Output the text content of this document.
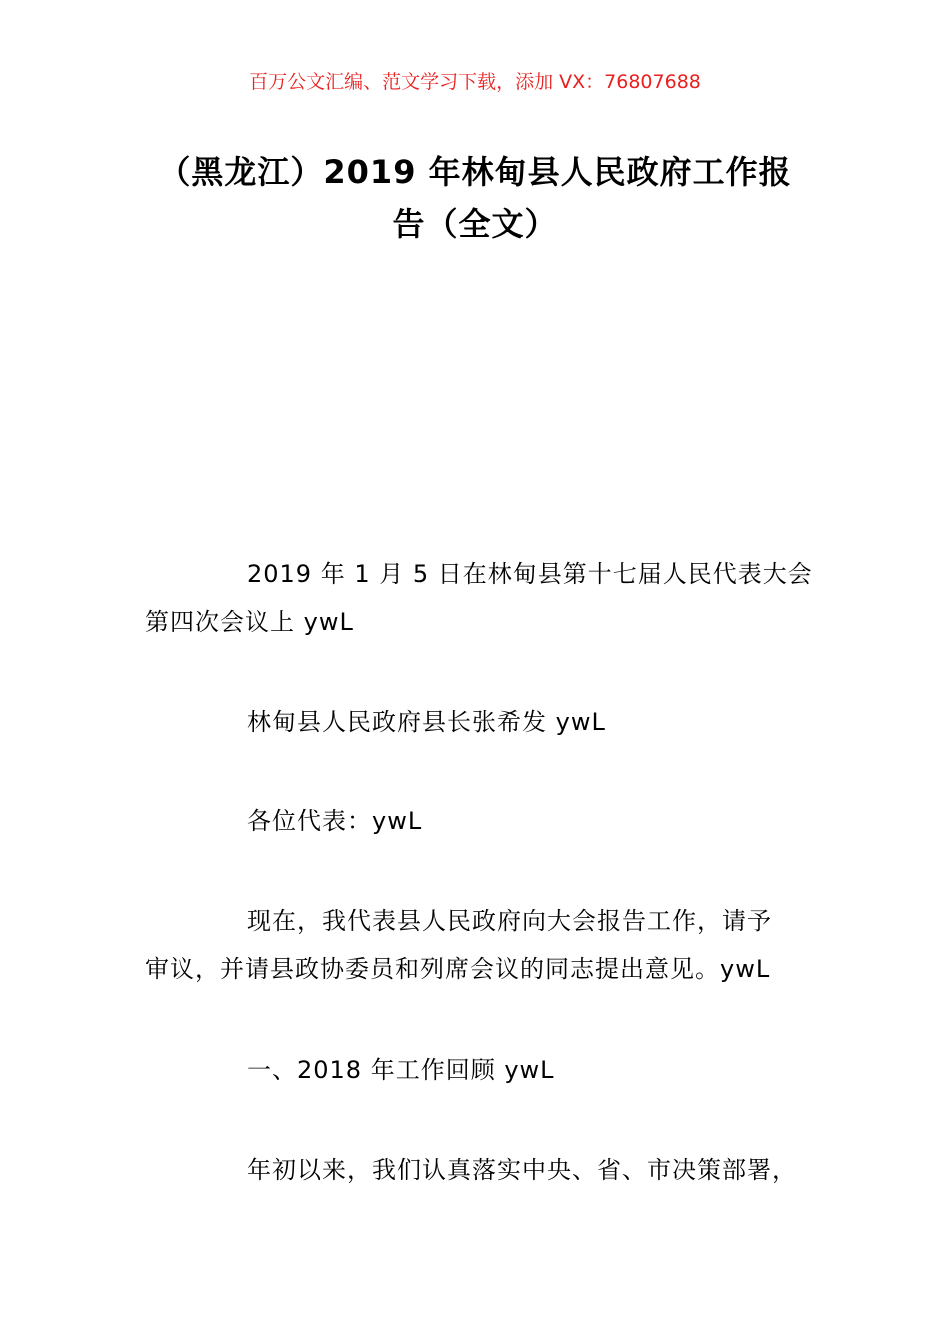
百万公文汇编、范文学习下载，添加 VX：76807688
（黑龙江）2019 年林甸县人民政府工作报
告（全文）
2019 年 1 月 5 日在林甸县第十七届人民代表大会
第四次会议上 ywL
林甸县人民政府县长张希发 ywL
各位代表：ywL
现在，我代表县人民政府向大会报告工作，请予
审议，并请县政协委员和列席会议的同志提出意见。ywL
一、2018 年工作回顾 ywL
年初以来，我们认真落实中央、省、市决策部署，
